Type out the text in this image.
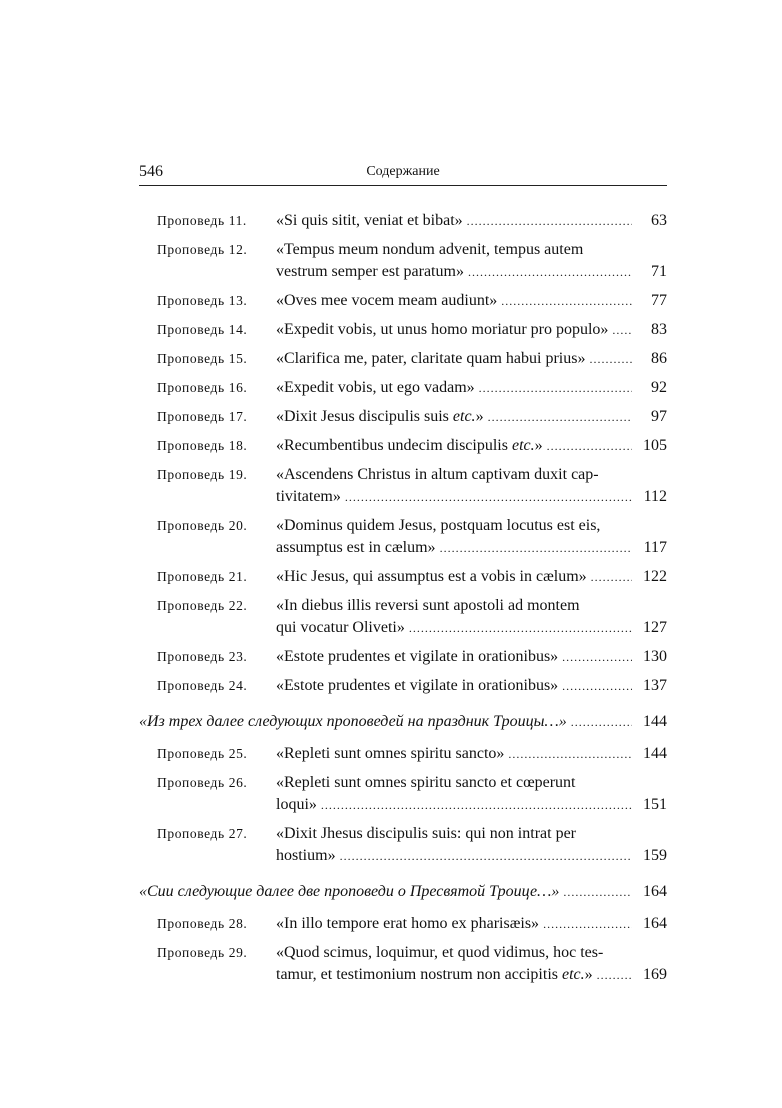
546	Содержание
Проповедь 11.	«Si quis sitit, veniat et bibat» .....	63
Проповедь 12.	«Tempus meum nondum advenit, tempus autem
vestrum semper est paratum» .....	71
Проповедь 13.	«Oves mee vocem meam audiunt» .....	77
Проповедь 14.	«Expedit vobis, ut unus homo moriatur pro populo» .....	83
Проповедь 15.	«Clarifica me, pater, claritate quam habui prius» .....	86
Проповедь 16.	«Expedit vobis, ut ego vadam» .....	92
Проповедь 17.	«Dixit Jesus discipulis suis etc.» .....	97
Проповедь 18.	«Recumbentibus undecim discipulis etc.» .....	105
Проповедь 19.	«Ascendens Christus in altum captivam duxit cap-
tivitatem» .....	112
Проповедь 20.	«Dominus quidem Jesus, postquam locutus est eis,
assumptus est in cælum» .....	117
Проповедь 21.	«Hic Jesus, qui assumptus est a vobis in cælum» .....	122
Проповедь 22.	«In diebus illis reversi sunt apostoli ad montem
qui vocatur Oliveti» .....	127
Проповедь 23.	«Estote prudentes et vigilate in orationibus» .....	130
Проповедь 24.	«Estote prudentes et vigilate in orationibus» .....	137
«Из трех далее следующих проповедей на праздник Троицы…» .....	144
Проповедь 25.	«Repleti sunt omnes spiritu sancto» .....	144
Проповедь 26.	«Repleti sunt omnes spiritu sancto et cœperunt
loqui» .....	151
Проповедь 27.	«Dixit Jhesus discipulis suis: qui non intrat per
hostium» .....	159
«Сии следующие далее две проповеди о Пресвятой Троице…» .....	164
Проповедь 28.	«In illo tempore erat homo ex pharisæis» .....	164
Проповедь 29.	«Quod scimus, loquimur, et quod vidimus, hoc tes-
tamur, et testimonium nostrum non accipitis etc.» .....	169
